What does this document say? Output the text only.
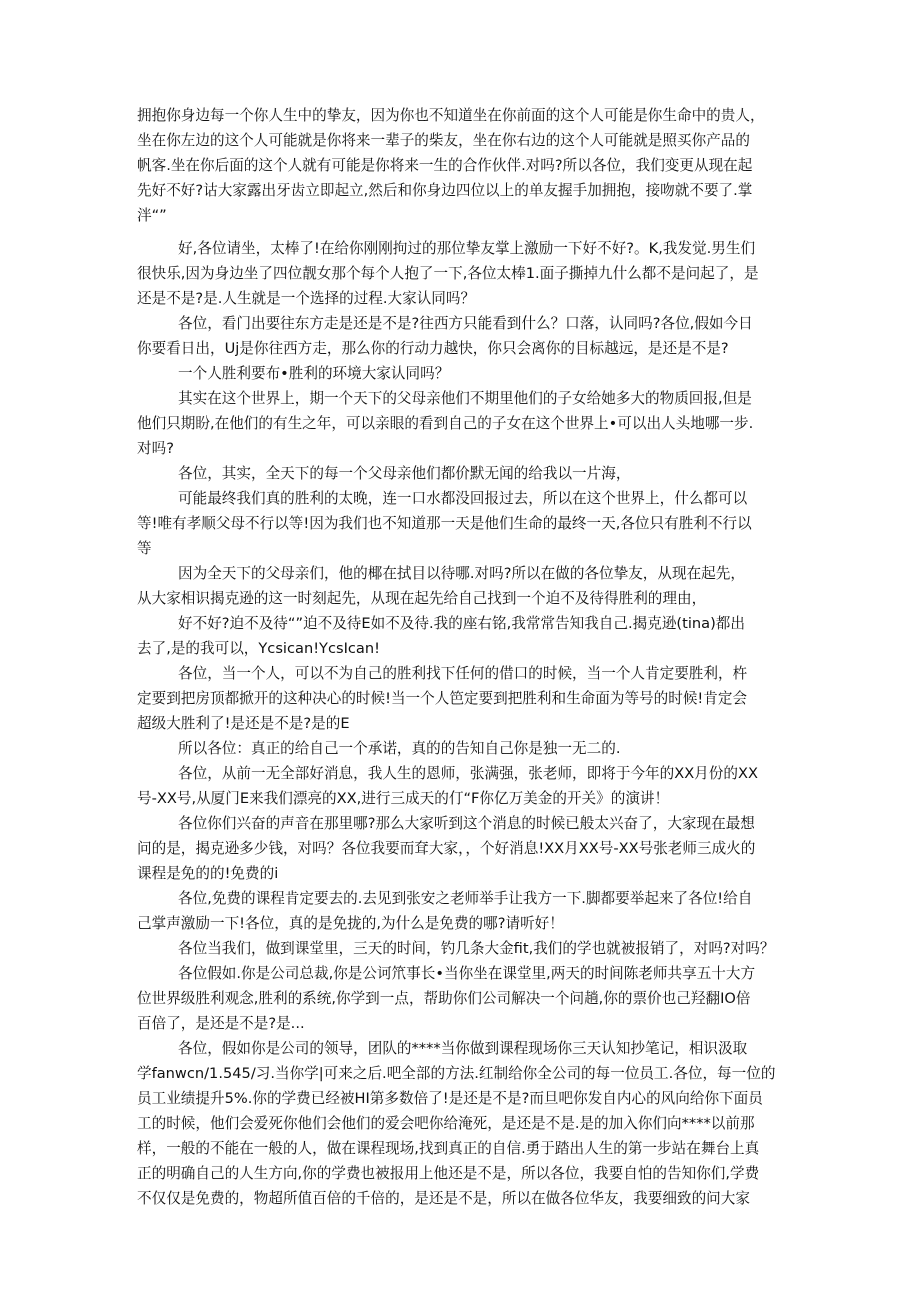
拥抱你身边每一个你人生中的挚友，因为你也不知道坐在你前面的这个人可能是你生命中的贵人，
坐在你左边的这个人可能就是你将来一辈子的柴友，坐在你右边的这个人可能就是照买你产品的
帆客.坐在你后面的这个人就有可能是你将来一生的合作伙伴.对吗?所以各位，我们变更从现在起
先好不好?诂大家露出牙齿立即起立,然后和你身边四位以上的单友握手加拥抱，接吻就不要了.掌
泮“”
好,各位请坐，太棒了!在给你刚刚拘过的那位挚友掌上激励一下好不好?。K,我发觉.男生们
很快乐,因为身边坐了四位靓女那个每个人抱了一下,各位太棒1.面子撕掉九什么都不是问起了，是
还是不是?是.人生就是一个选择的过程.大家认同吗？
各位，看门出要往东方走是还是不是?往西方只能看到什么？口落，认同吗?各位,假如今日
你要看日出，Uj是你往西方走，那么你的行动力越快，你只会离你的目标越远，是还是不是?
一个人胜利要布•胜利的环境大家认同吗？
其实在这个世界上，期一个天下的父母亲他们不期里他们的子女给她多大的物质回报,但是
他们只期盼,在他们的有生之年，可以亲眼的看到自己的子女在这个世界上•可以出人头地哪一步.
对吗?
各位，其实，全天下的每一个父母亲他们都价默无闻的给我以一片海，
可能最终我们真的胜利的太晚，连一口水都没回报过去，所以在这个世界上，什么都可以
等!唯有孝顺父母不行以等!因为我们也不知道那一天是他们生命的最终一天,各位只有胜利不行以
等
因为全天下的父母亲们，他的椰在拭目以待哪.对吗?所以在做的各位挚友，从现在起先，
从大家相识揭克逊的这一时刻起先，从现在起先给自己找到一个迫不及待得胜利的理由，
好不好?迫不及待“”迫不及待E如不及待.我的座右铭,我常常告知我自己.揭克逊(tina)都出
去了,是的我可以，Ycsican!YcsIcan!
各位，当一个人，可以不为自己的胜利找下任何的借口的时候，当一个人肯定要胜利，杵
定要到把房顶都掀开的这种决心的时候!当一个人笆定要到把胜利和生命面为等号的时候!肯定会
超级大胜利了!是还是不是?是的E
所以各位：真正的给自己一个承诺，真的的告知自己你是独一无二的.
各位，从前一无全部好消息，我人生的恩师，张满强，张老师，即将于今年的XX月份的XX
号-XX号,从厦门E来我们漂亮的XX,进行三成天的仃“F你亿万美金的开关》的演讲！
各位你们兴奋的声音在那里哪?那么大家听到这个消息的时候已般太兴奋了，大家现在最想
问的是，揭克逊多少钱，对吗？各位我要而耷大家，，个好消息!XX月XX号-XX号张老师三成火的
课程是免的的!免费的i
各位,免费的课程肯定要去的.去见到张安之老师举手让我方一下.脚都要举起来了各位!给自
己掌声激励一下!各位，真的是免拢的,为什么是免费的哪?请听好！
各位当我们，做到课堂里，三天的时间，钓几条大金fit,我们的学也就被报销了，对吗?对吗？
各位假如.你是公司总裁,你是公诃笊事长•当你坐在课堂里,两天的时间陈老师共享五十大方
位世界级胜利观念,胜利的系统,你学到一点，帮助你们公司解决一个问趟,你的票价也己羟翻IO倍
百倍了，是还是不是?是...
各位，假如你是公司的领导，团队的****当你做到课程现场你三天认知抄笔记，相识汲取
学fanwcn/1.545/习.当你学|可来之后.吧全部的方法.红制给你全公司的每一位员工.各位，每一位的
员工业绩提升5%.你的学费已经被HI第多数倍了!是还是不是?而旦吧你发自内心的风向给你下面员
工的时候，他们会爱死你他们会他们的爱会吧你给淹死，是还是不是.是的加入你们向****以前那
样，一般的不能在一般的人，做在课程现场,找到真正的自信.勇于踏出人生的第一步站在舞台上真
正的明确自己的人生方向,你的学费也被报用上他还是不是，所以各位，我要自怕的告知你们,学费
不仅仅是免费的，物超所值百倍的千倍的，是还是不是，所以在做各位华友，我要细致的问大家
